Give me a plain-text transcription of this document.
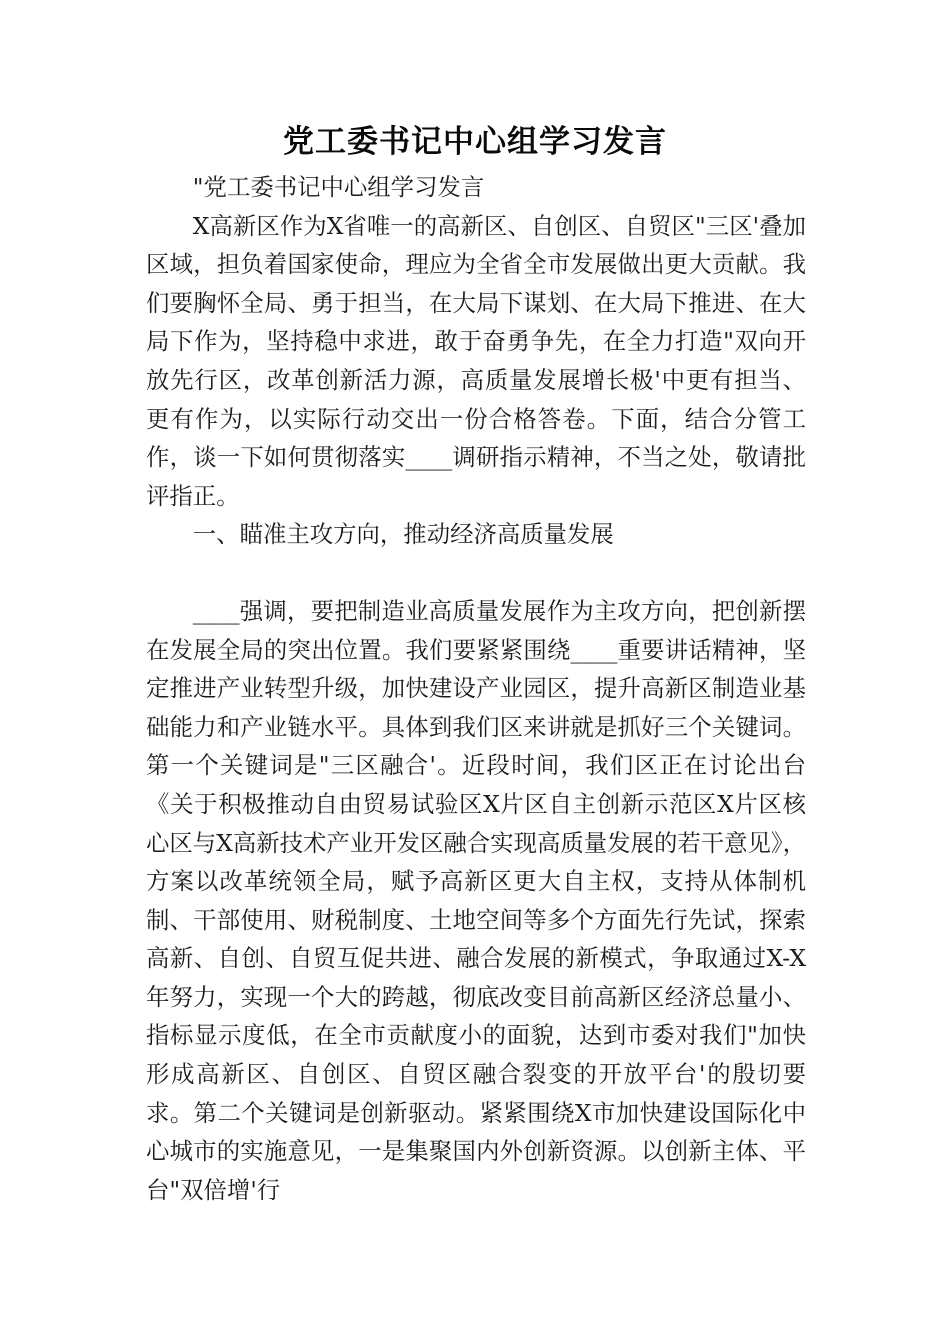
党工委书记中心组学习发言

"党工委书记中心组学习发言

X高新区作为X省唯一的高新区、自创区、自贸区"三区'叠加区域，担负着国家使命，理应为全省全市发展做出更大贡献。我们要胸怀全局、勇于担当，在大局下谋划、在大局下推进、在大局下作为，坚持稳中求进，敢于奋勇争先，在全力打造"双向开放先行区，改革创新活力源，高质量发展增长极'中更有担当、更有作为，以实际行动交出一份合格答卷。下面，结合分管工作，谈一下如何贯彻落实____调研指示精神，不当之处，敬请批评指正。

一、瞄准主攻方向，推动经济高质量发展

____强调，要把制造业高质量发展作为主攻方向，把创新摆在发展全局的突出位置。我们要紧紧围绕____重要讲话精神，坚定推进产业转型升级，加快建设产业园区，提升高新区制造业基础能力和产业链水平。具体到我们区来讲就是抓好三个关键词。第一个关键词是"三区融合'。近段时间，我们区正在讨论出台《关于积极推动自由贸易试验区X片区自主创新示范区X片区核心区与X高新技术产业开发区融合实现高质量发展的若干意见》，方案以改革统领全局，赋予高新区更大自主权，支持从体制机制、干部使用、财税制度、土地空间等多个方面先行先试，探索高新、自创、自贸互促共进、融合发展的新模式，争取通过X-X年努力，实现一个大的跨越，彻底改变目前高新区经济总量小、指标显示度低，在全市贡献度小的面貌，达到市委对我们"加快形成高新区、自创区、自贸区融合裂变的开放平台'的殷切要求。第二个关键词是创新驱动。紧紧围绕X市加快建设国际化中心城市的实施意见，一是集聚国内外创新资源。以创新主体、平台"双倍增'行
